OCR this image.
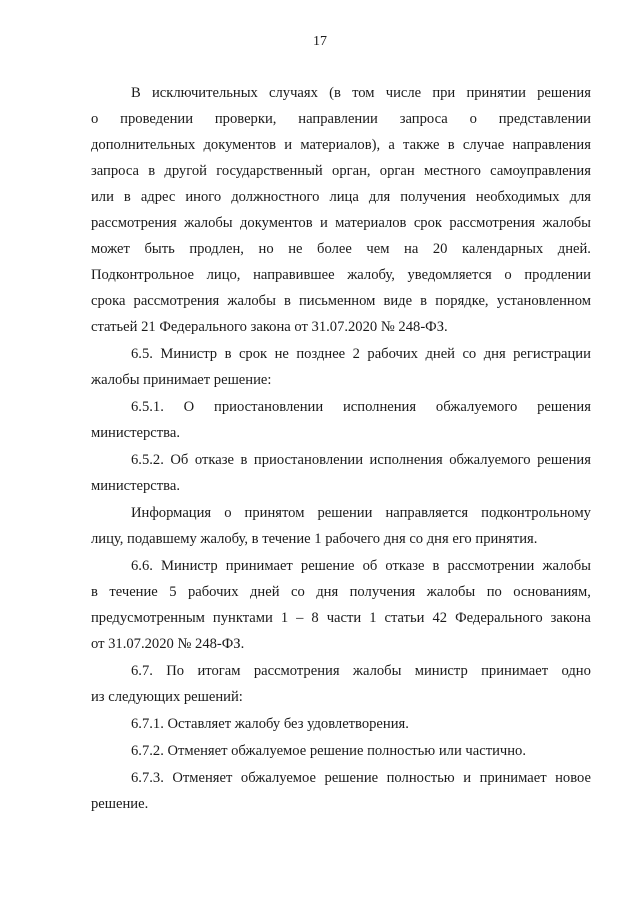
17
В исключительных случаях (в том числе при принятии решения
о проведении проверки, направлении запроса о представлении
дополнительных документов и материалов), а также в случае направления
запроса в другой государственный орган, орган местного самоуправления
или в адрес иного должностного лица для получения необходимых для
рассмотрения жалобы документов и материалов срок рассмотрения жалобы
может быть продлен, но не более чем на 20 календарных дней.
Подконтрольное лицо, направившее жалобу, уведомляется о продлении
срока рассмотрения жалобы в письменном виде в порядке, установленном
статьей 21 Федерального закона от 31.07.2020 № 248-ФЗ.
6.5. Министр в срок не позднее 2 рабочих дней со дня регистрации
жалобы принимает решение:
6.5.1. О приостановлении исполнения обжалуемого решения
министерства.
6.5.2. Об отказе в приостановлении исполнения обжалуемого решения
министерства.
Информация о принятом решении направляется подконтрольному
лицу, подавшему жалобу, в течение 1 рабочего дня со дня его принятия.
6.6. Министр принимает решение об отказе в рассмотрении жалобы
в течение 5 рабочих дней со дня получения жалобы по основаниям,
предусмотренным пунктами 1 – 8 части 1 статьи 42 Федерального закона
от 31.07.2020 № 248-ФЗ.
6.7. По итогам рассмотрения жалобы министр принимает одно
из следующих решений:
6.7.1. Оставляет жалобу без удовлетворения.
6.7.2. Отменяет обжалуемое решение полностью или частично.
6.7.3. Отменяет обжалуемое решение полностью и принимает новое
решение.
